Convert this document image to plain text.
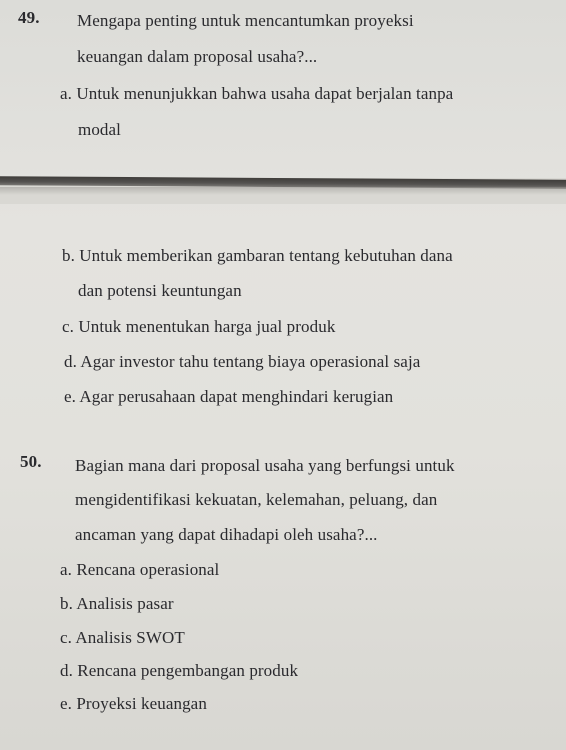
49. Mengapa penting untuk mencantumkan proyeksi
keuangan dalam proposal usaha?...
a. Untuk menunjukkan bahwa usaha dapat berjalan tanpa
modal
b. Untuk memberikan gambaran tentang kebutuhan dana
dan potensi keuntungan
c. Untuk menentukan harga jual produk
d. Agar investor tahu tentang biaya operasional saja
e. Agar perusahaan dapat menghindari kerugian
50. Bagian mana dari proposal usaha yang berfungsi untuk
mengidentifikasi kekuatan, kelemahan, peluang, dan
ancaman yang dapat dihadapi oleh usaha?...
a. Rencana operasional
b. Analisis pasar
c. Analisis SWOT
d. Rencana pengembangan produk
e. Proyeksi keuangan
